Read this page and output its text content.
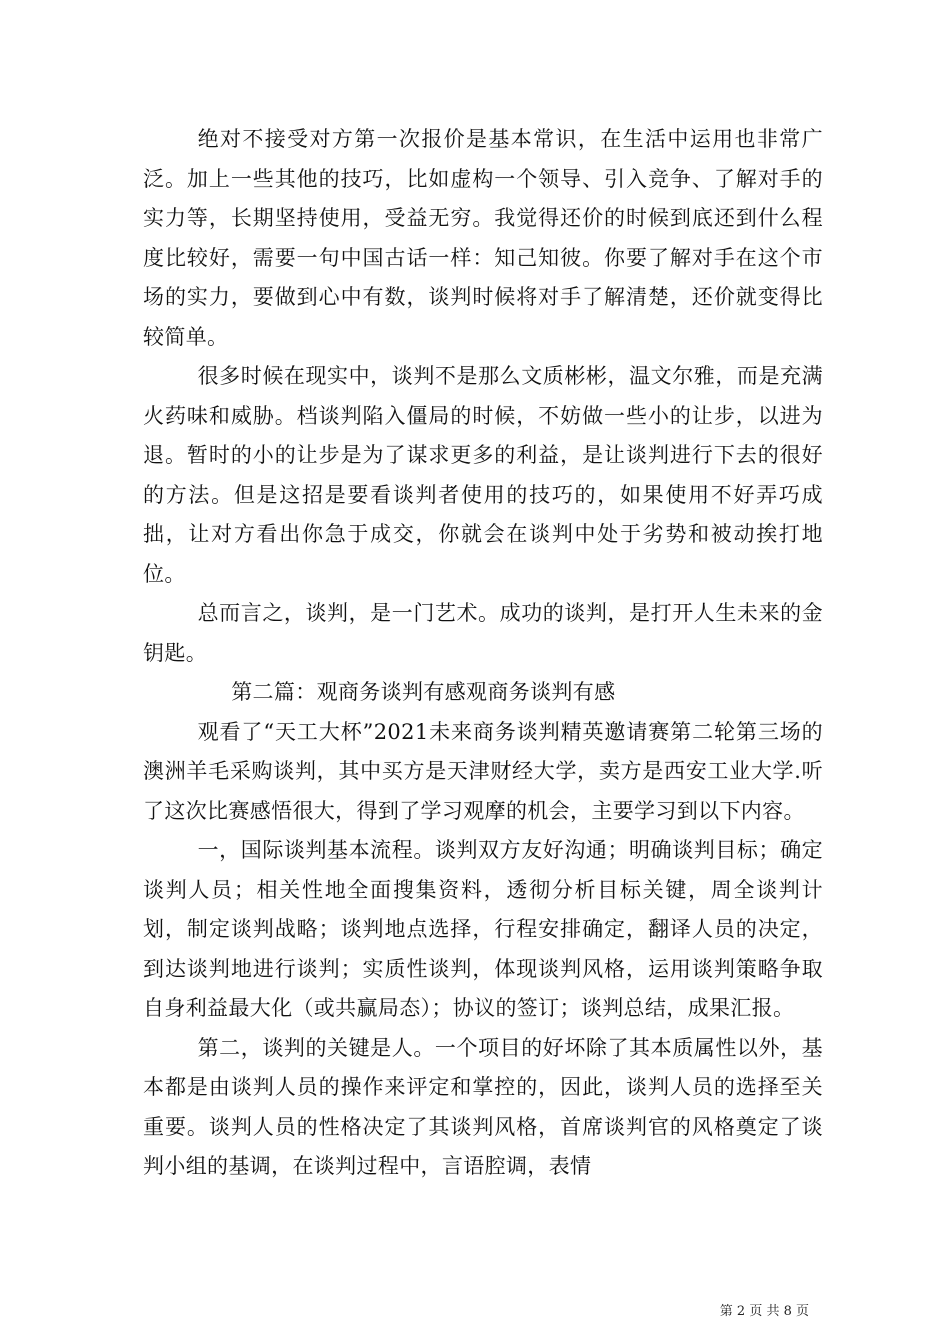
绝对不接受对方第一次报价是基本常识，在生活中运用也非常广泛。加上一些其他的技巧，比如虚构一个领导、引入竞争、了解对手的实力等，长期坚持使用，受益无穷。我觉得还价的时候到底还到什么程度比较好，需要一句中国古话一样：知己知彼。你要了解对手在这个市场的实力，要做到心中有数，谈判时候将对手了解清楚，还价就变得比较简单。

很多时候在现实中，谈判不是那么文质彬彬，温文尔雅，而是充满火药味和威胁。档谈判陷入僵局的时候，不妨做一些小的让步，以进为退。暂时的小的让步是为了谋求更多的利益，是让谈判进行下去的很好的方法。但是这招是要看谈判者使用的技巧的，如果使用不好弄巧成拙，让对方看出你急于成交，你就会在谈判中处于劣势和被动挨打地位。

总而言之，谈判，是一门艺术。成功的谈判，是打开人生未来的金钥匙。

第二篇：观商务谈判有感观商务谈判有感

观看了“天工大杯”2021未来商务谈判精英邀请赛第二轮第三场的澳洲羊毛采购谈判，其中买方是天津财经大学，卖方是西安工业大学.听了这次比赛感悟很大，得到了学习观摩的机会，主要学习到以下内容。

一，国际谈判基本流程。谈判双方友好沟通；明确谈判目标；确定谈判人员；相关性地全面搜集资料，透彻分析目标关键，周全谈判计划，制定谈判战略；谈判地点选择，行程安排确定，翻译人员的决定，到达谈判地进行谈判；实质性谈判，体现谈判风格，运用谈判策略争取自身利益最大化（或共赢局态）；协议的签订；谈判总结，成果汇报。

第二，谈判的关键是人。一个项目的好坏除了其本质属性以外，基本都是由谈判人员的操作来评定和掌控的，因此，谈判人员的选择至关重要。谈判人员的性格决定了其谈判风格，首席谈判官的风格奠定了谈判小组的基调，在谈判过程中，言语腔调，表情

第 2 页 共 8 页
